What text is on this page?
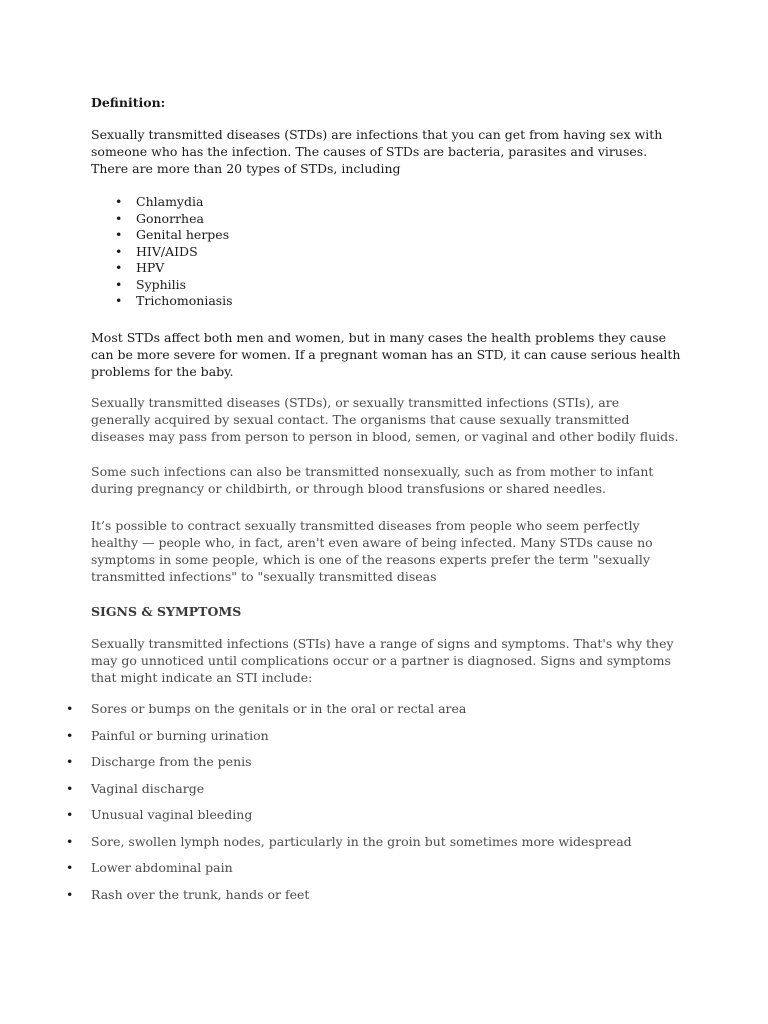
Definition:

Sexually transmitted diseases (STDs) are infections that you can get from having sex with someone who has the infection. The causes of STDs are bacteria, parasites and viruses. There are more than 20 types of STDs, including

• Chlamydia
• Gonorrhea
• Genital herpes
• HIV/AIDS
• HPV
• Syphilis
• Trichomoniasis

Most STDs affect both men and women, but in many cases the health problems they cause can be more severe for women. If a pregnant woman has an STD, it can cause serious health problems for the baby.

Sexually transmitted diseases (STDs), or sexually transmitted infections (STIs), are generally acquired by sexual contact. The organisms that cause sexually transmitted diseases may pass from person to person in blood, semen, or vaginal and other bodily fluids.

Some such infections can also be transmitted nonsexually, such as from mother to infant during pregnancy or childbirth, or through blood transfusions or shared needles.

It’s possible to contract sexually transmitted diseases from people who seem perfectly healthy — people who, in fact, aren't even aware of being infected. Many STDs cause no symptoms in some people, which is one of the reasons experts prefer the term "sexually transmitted infections" to "sexually transmitted diseas

SIGNS & SYMPTOMS

Sexually transmitted infections (STIs) have a range of signs and symptoms. That's why they may go unnoticed until complications occur or a partner is diagnosed. Signs and symptoms that might indicate an STI include:

• Sores or bumps on the genitals or in the oral or rectal area
• Painful or burning urination
• Discharge from the penis
• Vaginal discharge
• Unusual vaginal bleeding
• Sore, swollen lymph nodes, particularly in the groin but sometimes more widespread
• Lower abdominal pain
• Rash over the trunk, hands or feet
